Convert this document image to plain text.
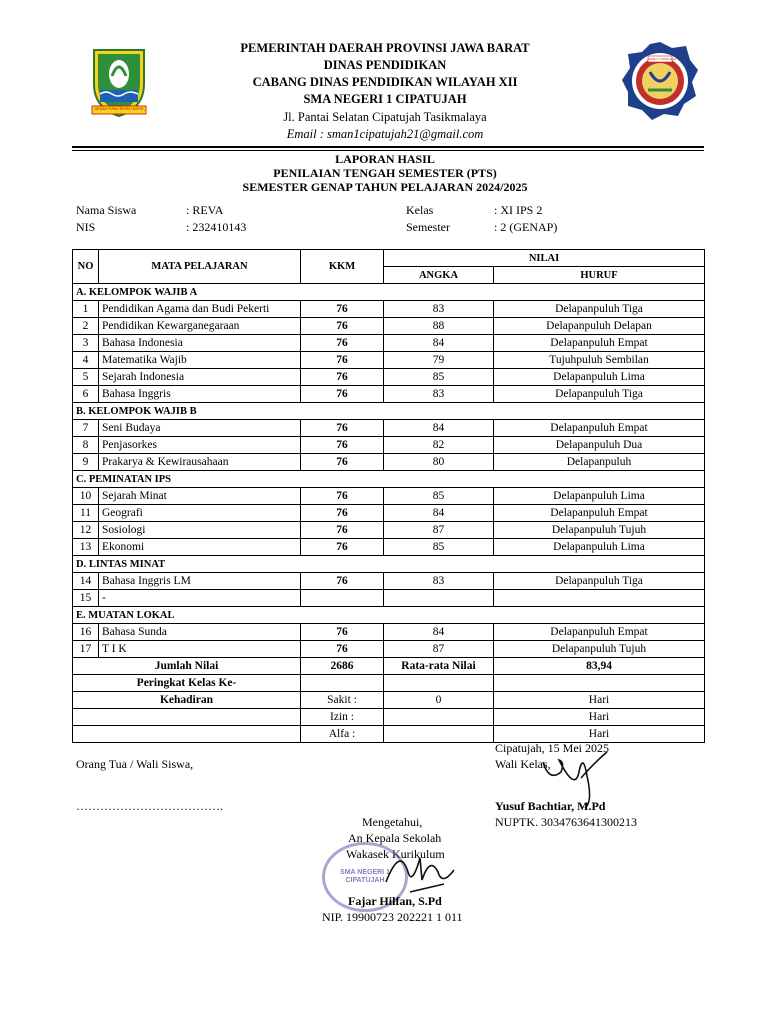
GEMAH RIPAH REPEH RAPIH
SMAN 1 CIPATUJAH
PEMERINTAH DAERAH PROVINSI JAWA BARAT
DINAS PENDIDIKAN
CABANG DINAS PENDIDIKAN WILAYAH XII
SMA NEGERI 1 CIPATUJAH
Jl. Pantai Selatan Cipatujah Tasikmalaya
Email : sman1cipatujah21@gmail.com
LAPORAN HASIL
PENILAIAN TENGAH SEMESTER (PTS)
SEMESTER GENAP TAHUN PELAJARAN 2024/2025
Nama Siswa	: REVA
NIS	: 232410143
Kelas	: XI IPS 2
Semester	: 2 (GENAP)
NO	MATA PELAJARAN	KKM	NILAI	
			ANGKA	HURUF
A. KELOMPOK WAJIB A				
1	Pendidikan Agama dan Budi Pekerti	76	83	Delapanpuluh Tiga
2	Pendidikan Kewarganegaraan	76	88	Delapanpuluh Delapan
3	Bahasa Indonesia	76	84	Delapanpuluh Empat
4	Matematika Wajib	76	79	Tujuhpuluh Sembilan
5	Sejarah Indonesia	76	85	Delapanpuluh Lima
6	Bahasa Inggris	76	83	Delapanpuluh Tiga
B. KELOMPOK WAJIB B				
7	Seni Budaya	76	84	Delapanpuluh Empat
8	Penjasorkes	76	82	Delapanpuluh Dua
9	Prakarya & Kewirausahaan	76	80	Delapanpuluh
C. PEMINATAN IPS				
10	Sejarah Minat	76	85	Delapanpuluh Lima
11	Geografi	76	84	Delapanpuluh Empat
12	Sosiologi	76	87	Delapanpuluh Tujuh
13	Ekonomi	76	85	Delapanpuluh Lima
D. LINTAS MINAT				
14	Bahasa Inggris LM	76	83	Delapanpuluh Tiga
15	-			
E. MUATAN LOKAL				
16	Bahasa Sunda	76	84	Delapanpuluh Empat
17	T I K	76	87	Delapanpuluh Tujuh
Jumlah Nilai		2686	Rata-rata Nilai	83,94
Peringkat Kelas Ke-				
Kehadiran		Sakit :	0	Hari
		Izin :		Hari
		Alfa :		Hari
Cipatujah, 15 Mei 2025
Wali Kelas,
Orang Tua / Wali Siswa,
……………………………….	Yusuf Bachtiar, M.Pd
NUPTK. 3034763641300213
Mengetahui,
An Kepala Sekolah
Wakasek Kurikulum
SMA NEGERI 1 CIPATUJAH
Fajar Hilfan, S.Pd
NIP. 19900723 202221 1 011
